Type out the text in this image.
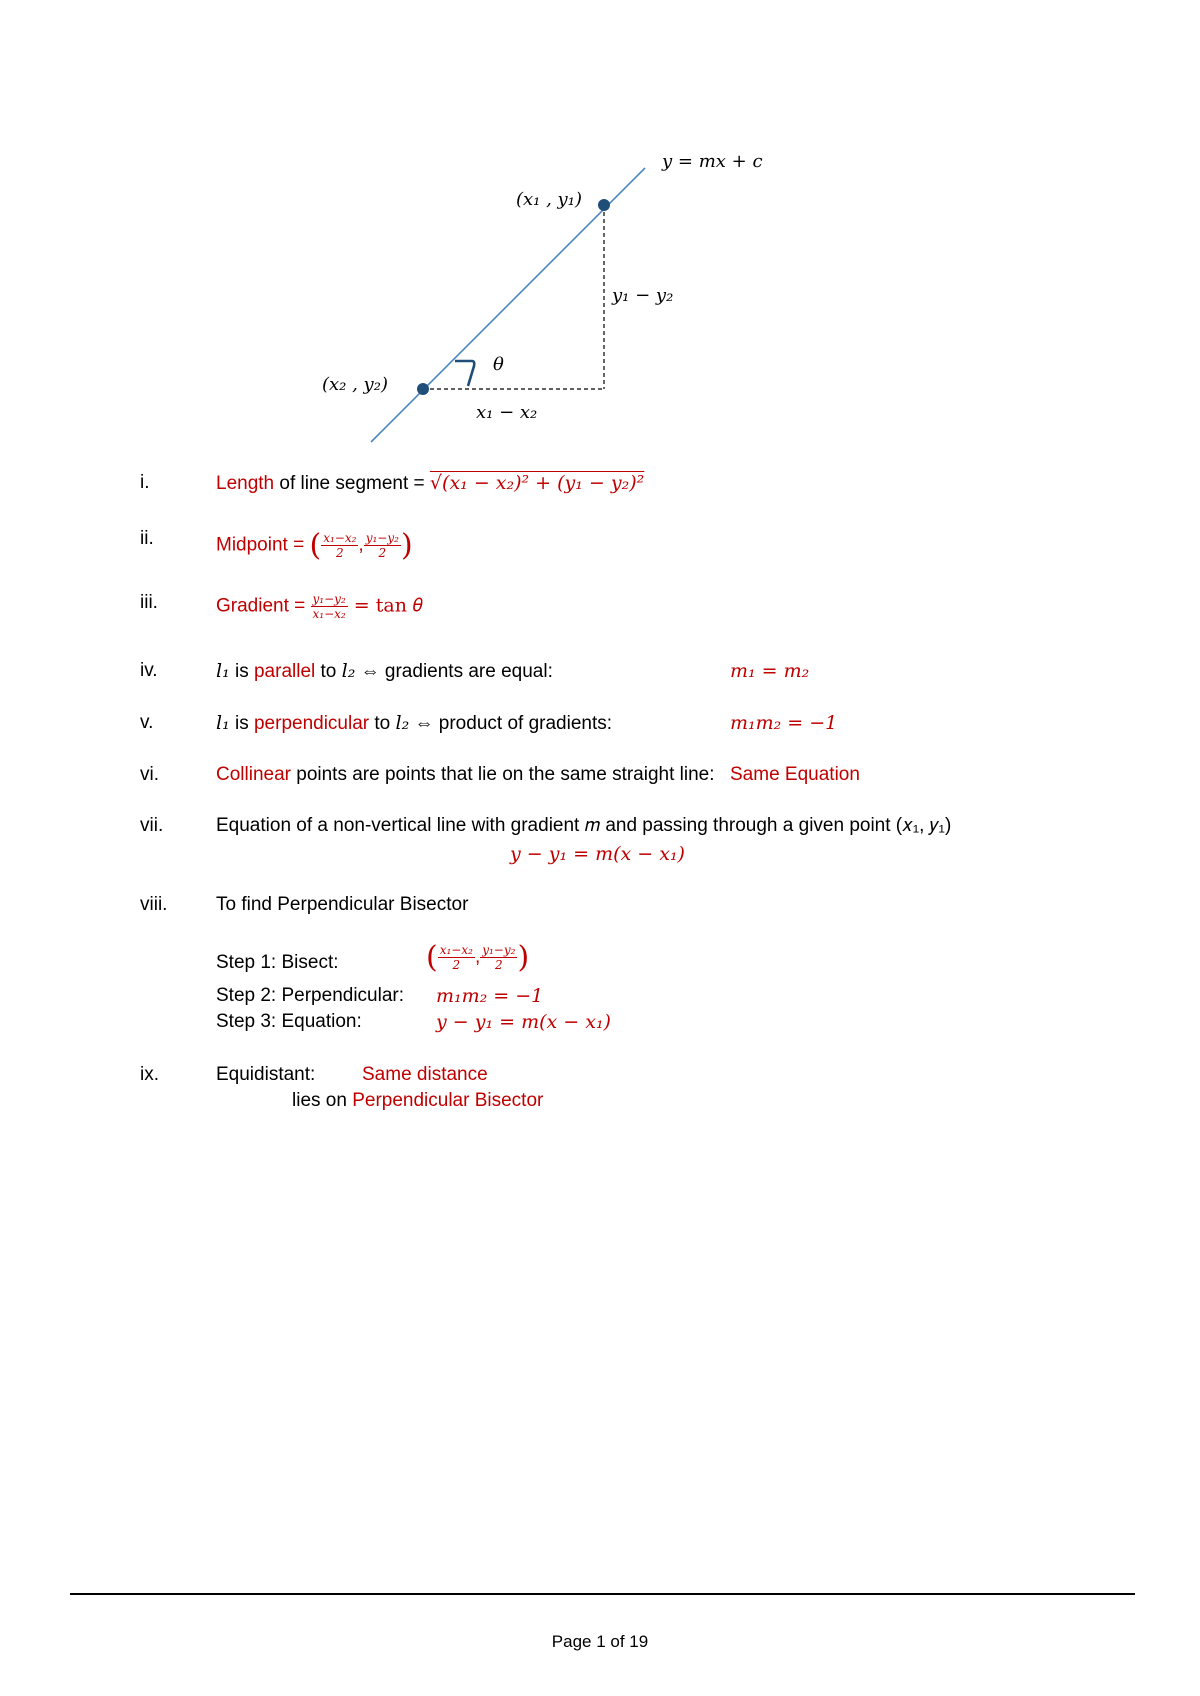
𝑦 = 𝑚𝑥 + 𝑐
(𝑥₁ , 𝑦₁)
(𝑥₂ , 𝑦₂)
𝑦₁ − 𝑦₂
𝑥₁ − 𝑥₂
𝜃
i.	Length of line segment = √(𝑥₁ − 𝑥₂)² + (𝑦₁ − 𝑦₂)²
ii.	Midpoint = ( $\frac{\text{𝑥₁−𝑥₂}}{2}$ , $\frac{\text{𝑦₁−𝑦₂}}{2}$ )
iii.	Gradient = $\frac{\text{𝑦₁−𝑦₂}}{\text{𝑥₁−𝑥₂}} = \tan$ 𝜃
iv.	𝑙₁ is parallel to 𝑙₂ ⇔ gradients are equal:	𝑚₁ = 𝑚₂
v.	𝑙₁ is perpendicular to 𝑙₂ ⇔ product of gradients:	𝑚₁𝑚₂ = −1
vi.	Collinear points are points that lie on the same straight line: Same Equation
vii.	Equation of a non-vertical line with gradient 𝑚 and passing through a given point (𝑥₁, 𝑦₁)
𝑦 − 𝑦₁ = 𝑚(𝑥 − 𝑥₁)
viii.	To find Perpendicular Bisector
Step 1: Bisect:	( $\frac{\text{𝑥₁−𝑥₂}}{2}$ , $\frac{\text{𝑦₁−𝑦₂}}{2}$ )
Step 2: Perpendicular: 𝑚₁𝑚₂ = −1
Step 3: Equation:	𝑦 − 𝑦₁ = 𝑚(𝑥 − 𝑥₁)
ix.	Equidistant: Same distance
lies on Perpendicular Bisector
Page 1 of 19
